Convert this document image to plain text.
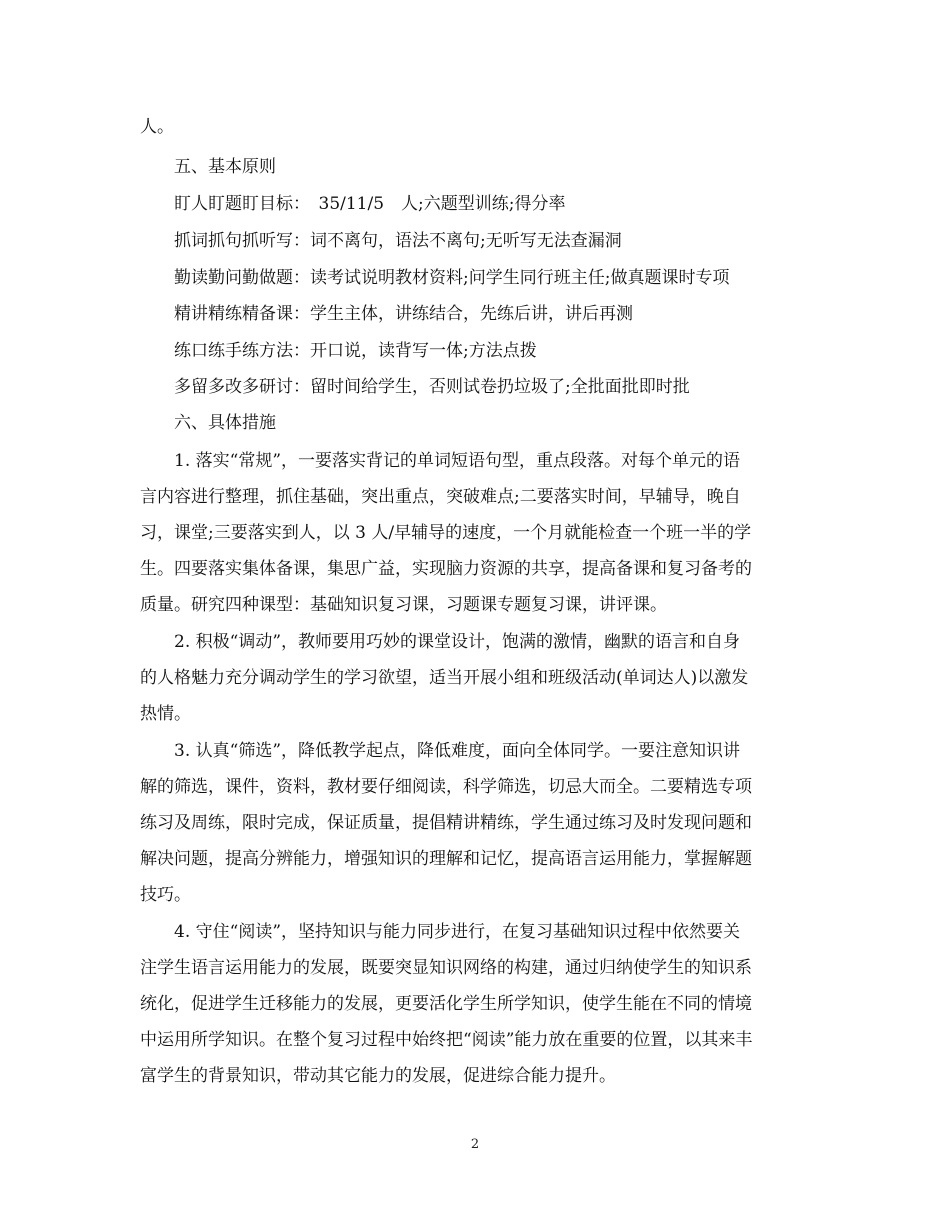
人。
五、基本原则
盯人盯题盯目标：　35/11/5　人;六题型训练;得分率
抓词抓句抓听写：词不离句，语法不离句;无听写无法查漏洞
勤读勤问勤做题：读考试说明教材资料;问学生同行班主任;做真题课时专项
精讲精练精备课：学生主体，讲练结合，先练后讲，讲后再测
练口练手练方法：开口说，读背写一体;方法点拨
多留多改多研讨：留时间给学生，否则试卷扔垃圾了;全批面批即时批
六、具体措施
1. 落实“常规”，一要落实背记的单词短语句型，重点段落。对每个单元的语
言内容进行整理，抓住基础，突出重点，突破难点;二要落实时间，早辅导，晚自
习，课堂;三要落实到人，以 3 人/早辅导的速度，一个月就能检查一个班一半的学
生。四要落实集体备课，集思广益，实现脑力资源的共享，提高备课和复习备考的
质量。研究四种课型：基础知识复习课，习题课专题复习课，讲评课。
2. 积极“调动”，教师要用巧妙的课堂设计，饱满的激情，幽默的语言和自身
的人格魅力充分调动学生的学习欲望，适当开展小组和班级活动(单词达人)以激发
热情。
3. 认真“筛选”，降低教学起点，降低难度，面向全体同学。一要注意知识讲
解的筛选，课件，资料，教材要仔细阅读，科学筛选，切忌大而全。二要精选专项
练习及周练，限时完成，保证质量，提倡精讲精练，学生通过练习及时发现问题和
解决问题，提高分辨能力，增强知识的理解和记忆，提高语言运用能力，掌握解题
技巧。
4. 守住“阅读”，坚持知识与能力同步进行，在复习基础知识过程中依然要关
注学生语言运用能力的发展，既要突显知识网络的构建，通过归纳使学生的知识系
统化，促进学生迁移能力的发展，更要活化学生所学知识，使学生能在不同的情境
中运用所学知识。在整个复习过程中始终把“阅读”能力放在重要的位置，以其来丰
富学生的背景知识，带动其它能力的发展，促进综合能力提升。
2
